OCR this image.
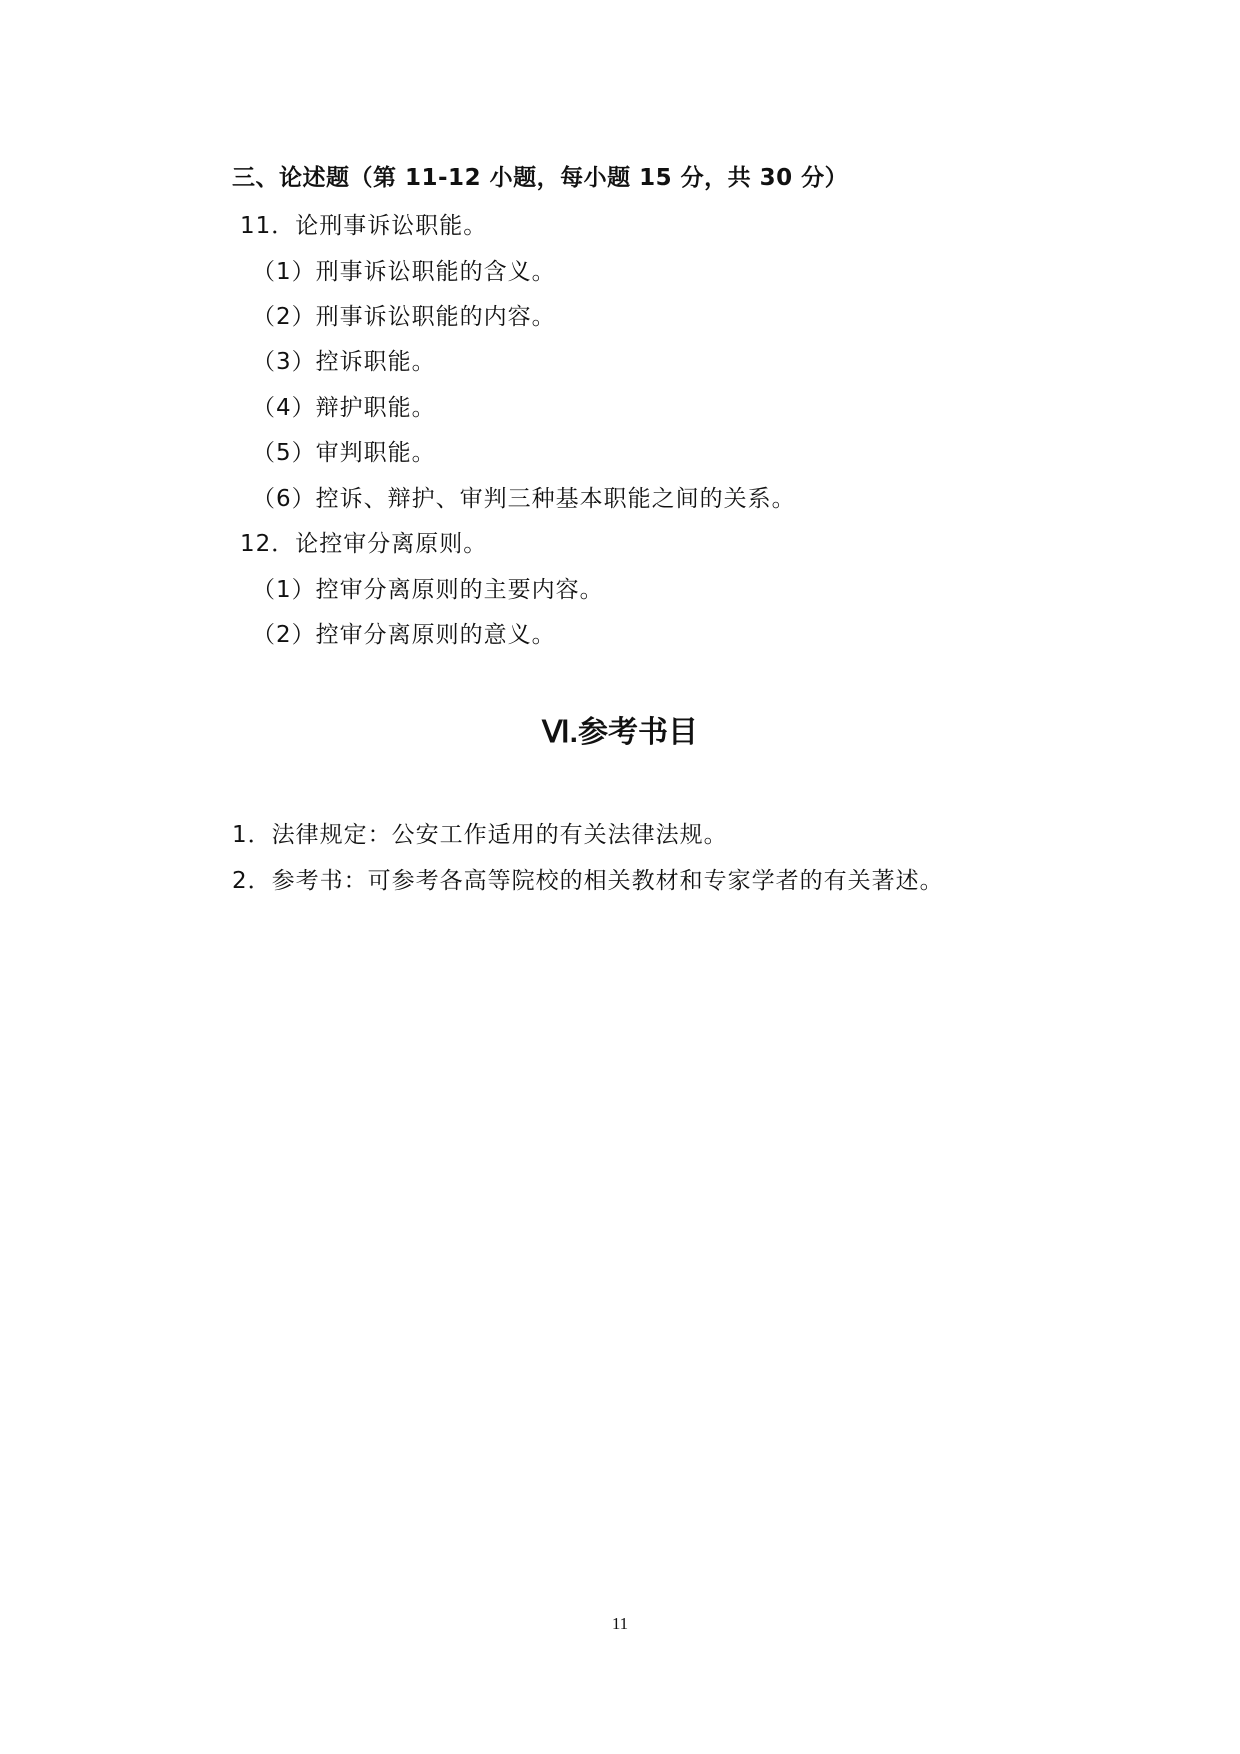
三、论述题（第 11-12 小题，每小题 15 分，共 30 分）
11．论刑事诉讼职能。
（1）刑事诉讼职能的含义。
（2）刑事诉讼职能的内容。
（3）控诉职能。
（4）辩护职能。
（5）审判职能。
（6）控诉、辩护、审判三种基本职能之间的关系。
12．论控审分离原则。
（1）控审分离原则的主要内容。
（2）控审分离原则的意义。
Ⅵ.参考书目
1．法律规定：公安工作适用的有关法律法规。
2．参考书：可参考各高等院校的相关教材和专家学者的有关著述。
11
